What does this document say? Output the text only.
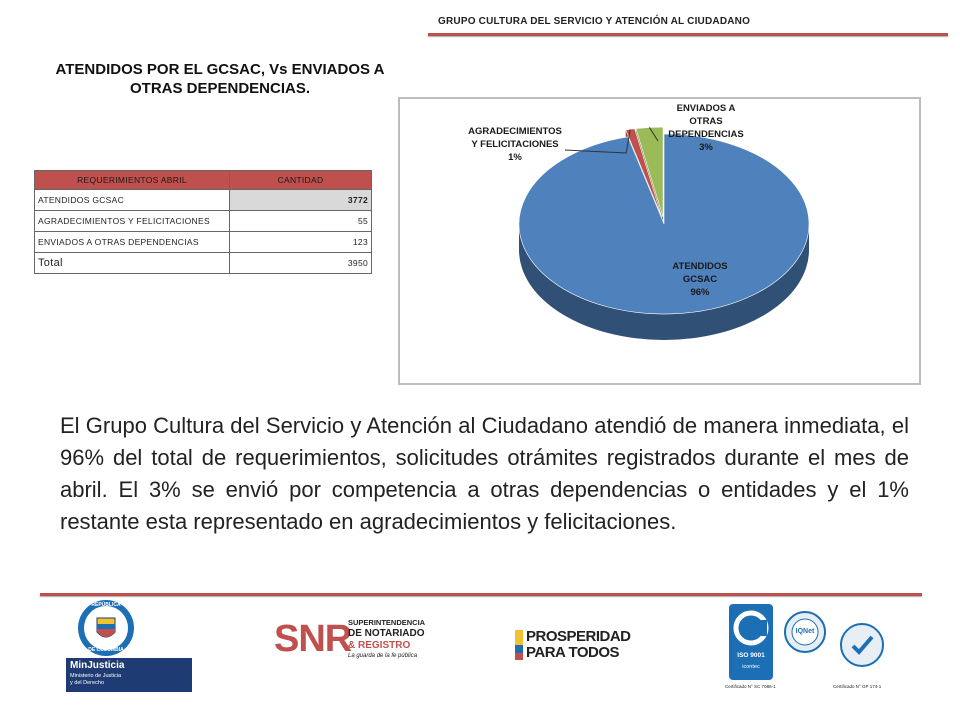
GRUPO CULTURA DEL SERVICIO Y ATENCIÓN AL CIUDADANO
ATENDIDOS POR EL GCSAC, Vs ENVIADOS A OTRAS DEPENDENCIAS.
REQUERIMIENTOS ABRIL	CANTIDAD
ATENDIDOS GCSAC	3772
AGRADECIMIENTOS Y FELICITACIONES	55
ENVIADOS A OTRAS DEPENDENCIAS	123
Total	3950	ATENDIDOS GCSAC 96%
AGRADECIMIENTOS Y FELICITACIONES 1%
ENVIADOS A OTRAS DEPENDENCIAS 3%
El Grupo Cultura del Servicio y Atención al Ciudadano atendió de manera inmediata, el 96% del total de requerimientos, solicitudes otrámites registrados durante el mes de abril. El 3% se envió por competencia a otras dependencias o entidades y el 1% restante esta representado en agradecimientos y felicitaciones.
REPÚBLICA
DE COLOMBIA
MinJusticia
Ministerio de Justicia
y del Derecho
SNR
SUPERINTENDENCIA
DE NOTARIADO
& REGISTRO
La guarda de la fe pública
PROSPERIDAD
PARA TODOS	ISO 9001
icontec
IQNet
Certificado N° SC 7086-1	Certificado N° GP 174-1
